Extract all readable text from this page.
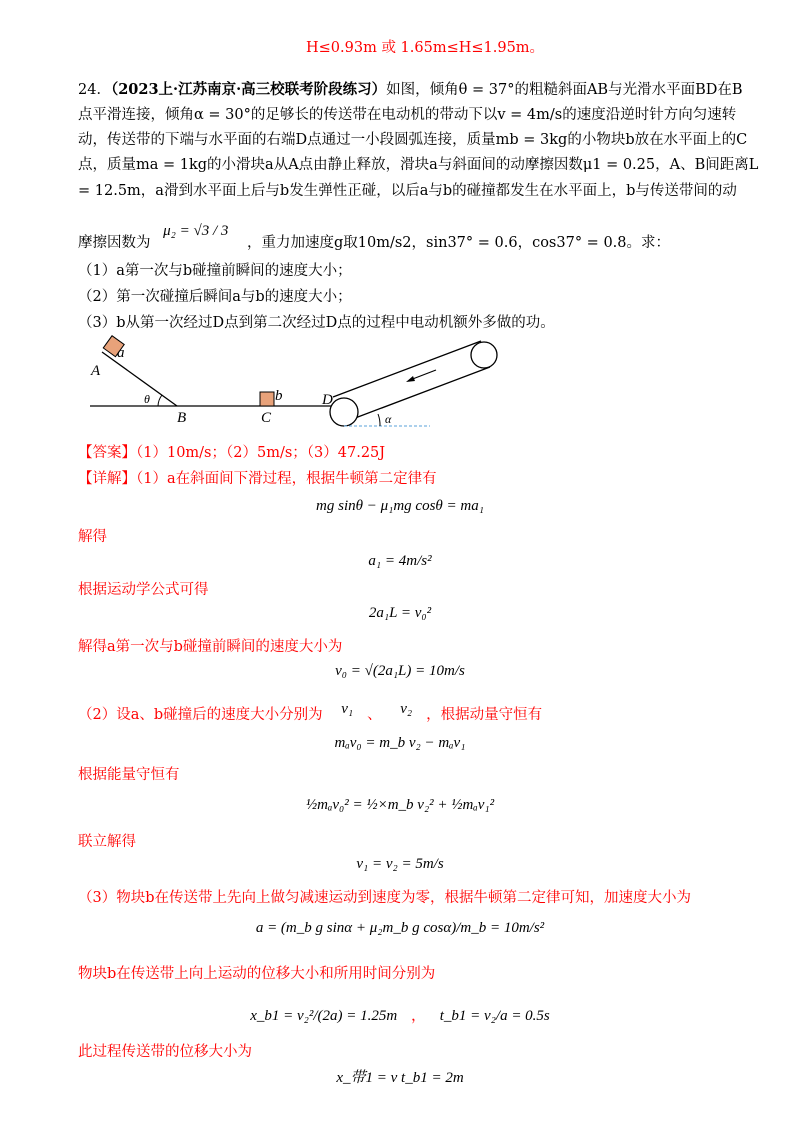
H≤0.93m 或 1.65m≤H≤1.95m。
24．（2023上·江苏南京·高三校联考阶段练习）如图，倾角θ = 37°的粗糙斜面AB与光滑水平面BD在B
点平滑连接，倾角α = 30°的足够长的传送带在电动机的带动下以v = 4m/s的速度沿逆时针方向匀速转
动，传送带的下端与水平面的右端D点通过一小段圆弧连接，质量mb = 3kg的小物块b放在水平面上的C
点，质量ma = 1kg的小滑块a从A点由静止释放，滑块a与斜面间的动摩擦因数μ1 = 0.25，A、B间距离L
= 12.5m，a滑到水平面上后与b发生弹性正碰，以后a与b的碰撞都发生在水平面上，b与传送带间的动
摩擦因数为 μ₂ = √3 / 3 ，重力加速度g取10m/s2，sin37° = 0.6，cos37° = 0.8。求：
（1）a第一次与b碰撞前瞬间的速度大小；
（2）第一次碰撞后瞬间a与b的速度大小；
（3）b从第一次经过D点到第二次经过D点的过程中电动机额外多做的功。
a
A
θ
B
b
C
D
α
【答案】（1）10m/s；（2）5m/s；（3）47.25J
【详解】（1）a在斜面间下滑过程，根据牛顿第二定律有
mg sinθ − μ₁mg cosθ = ma₁
解得
a₁ = 4m/s²
根据运动学公式可得
2a₁L = v₀²
解得a第一次与b碰撞前瞬间的速度大小为
v₀ = √(2a₁L) = 10m/s
（2）设a、b碰撞后的速度大小分别为 v₁ 、 v₂ ，根据动量守恒有
mₐv₀ = m_b v₂ − mₐv₁
根据能量守恒有
½mₐv₀² = ½×m_b v₂² + ½mₐv₁²
联立解得
v₁ = v₂ = 5m/s
（3）物块b在传送带上先向上做匀减速运动到速度为零，根据牛顿第二定律可知，加速度大小为
a = (m_b g sinα + μ₂m_b g cosα)/m_b = 10m/s²
物块b在传送带上向上运动的位移大小和所用时间分别为
x_b1 = v₂²/(2a) = 1.25m ， t_b1 = v₂/a = 0.5s
此过程传送带的位移大小为
x_带1 = v t_b1 = 2m
